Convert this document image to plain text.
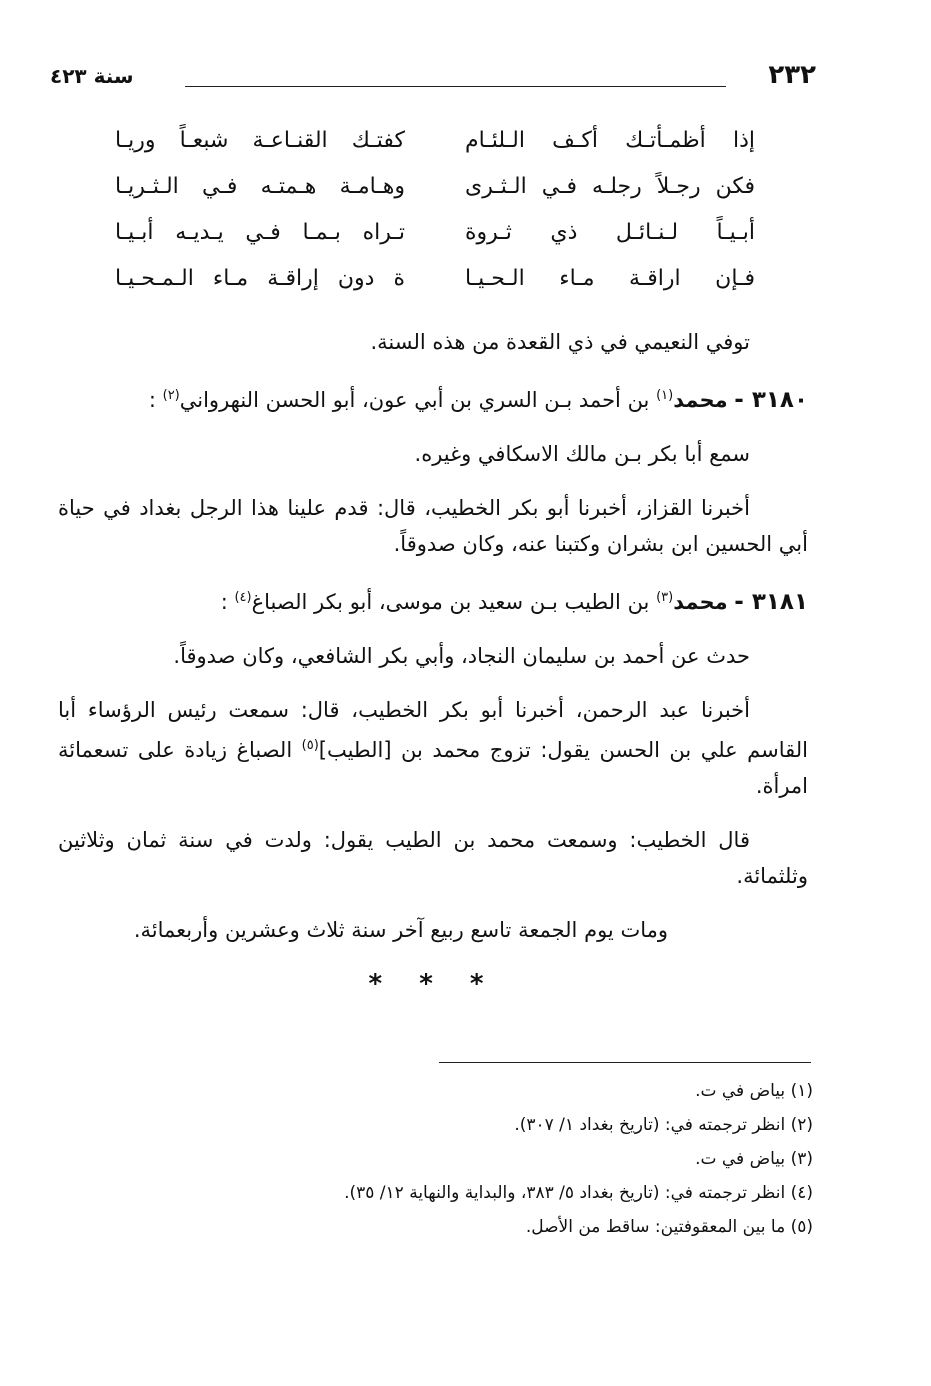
٢٣٢
سنة ٤٢٣
إذا أظمـأتـك أكـف الـلئـام
كفتـك القنـاعـة شبعـاً وريـا
فكن رجـلاً رجلـه فـي الـثـرى
وهـامـة هـمتـه فـي الـثـريـا
أبـيـاً لـنـائـل ذي ثـروة
تـراه بـمـا فـي يـديـه أبـيـا
فـإن اراقـة مـاء الـحـيـا
ة دون إراقـة مـاء الـمـحـيـا

توفي النعيمي في ذي القعدة من هذه السنة.

٣١٨٠ - محمد$^{(١)}$ بن أحمد بـن السري بن أبي عون، أبو الحسن النهرواني$^{(٢)}$ :

سمع أبا بكر بـن مالك الاسكافي وغيره.

أخبرنا القزاز، أخبرنا أبو بكر الخطيب، قال: قدم علينا هذا الرجل بغداد في حياة أبي الحسين ابن بشران وكتبنا عنه، وكان صدوقاً.

٣١٨١ - محمد$^{(٣)}$ بن الطيب بـن سعيد بن موسى، أبو بكر الصباغ$^{(٤)}$ :

حدث عن أحمد بن سليمان النجاد، وأبي بكر الشافعي، وكان صدوقاً.

أخبرنا عبد الرحمن، أخبرنا أبو بكر الخطيب، قال: سمعت رئيس الرؤساء أبا القاسم علي بن الحسن يقول: تزوج محمد بن [الطيب]$^{(٥)}$ الصباغ زيادة على تسعمائة امرأة.

قال الخطيب: وسمعت محمد بن الطيب يقول: ولدت في سنة ثمان وثلاثين وثلثمائة.

ومات يوم الجمعة تاسع ربيع آخر سنة ثلاث وعشرين وأربعمائة.

* * *

(١) بياض في ت.

(٢) انظر ترجمته في: (تاريخ بغداد ١/ ٣٠٧).

(٣) بياض في ت.

(٤) انظر ترجمته في: (تاريخ بغداد ٥/ ٣٨٣، والبداية والنهاية ١٢/ ٣٥).

(٥) ما بين المعقوفتين: ساقط من الأصل.
